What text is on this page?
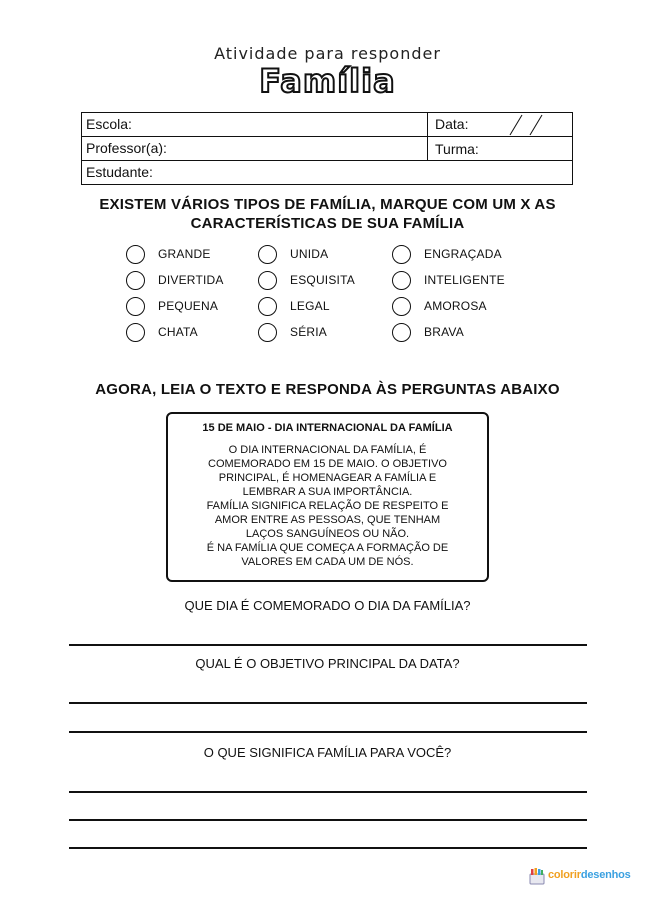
Atividade para responder
Família
Escola:	Data:
Professor(a):	Turma:
Estudante:
EXISTEM VÁRIOS TIPOS DE FAMÍLIA, MARQUE COM UM X AS
CARACTERÍSTICAS DE SUA FAMÍLIA
GRANDE	UNIDA	ENGRAÇADA
DIVERTIDA	ESQUISITA	INTELIGENTE
PEQUENA	LEGAL	AMOROSA
CHATA	SÉRIA	BRAVA
AGORA, LEIA O TEXTO E RESPONDA ÀS PERGUNTAS ABAIXO
15 DE MAIO - DIA INTERNACIONAL DA FAMÍLIA
O DIA INTERNACIONAL DA FAMÍLIA, É
COMEMORADO EM 15 DE MAIO. O OBJETIVO
PRINCIPAL, É HOMENAGEAR A FAMÍLIA E
LEMBRAR A SUA IMPORTÂNCIA.
FAMÍLIA SIGNIFICA RELAÇÃO DE RESPEITO E
AMOR ENTRE AS PESSOAS, QUE TENHAM
LAÇOS SANGUÍNEOS OU NÃO.
É NA FAMÍLIA QUE COMEÇA A FORMAÇÃO DE
VALORES EM CADA UM DE NÓS.
QUE DIA É COMEMORADO O DIA DA FAMÍLIA?
QUAL É O OBJETIVO PRINCIPAL DA DATA?
O QUE SIGNIFICA FAMÍLIA PARA VOCÊ?
colorirdesenhos
